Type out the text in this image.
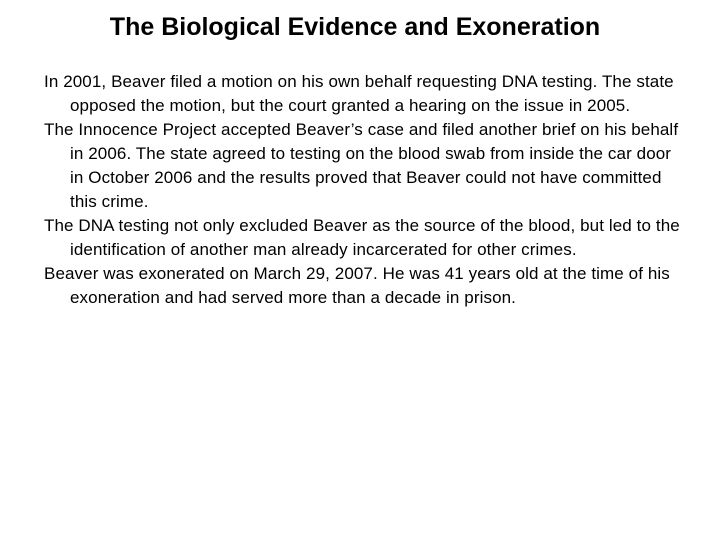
The Biological Evidence and Exoneration
In 2001, Beaver filed a motion on his own behalf requesting DNA testing. The state opposed the motion, but the court granted a hearing on the issue in 2005.
The Innocence Project accepted Beaver’s case and filed another brief on his behalf in 2006. The state agreed to testing on the blood swab from inside the car door in October 2006 and the results proved that Beaver could not have committed this crime.
The DNA testing not only excluded Beaver as the source of the blood, but led to the identification of another man already incarcerated for other crimes.
Beaver was exonerated on March 29, 2007. He was 41 years old at the time of his exoneration and had served more than a decade in prison.
